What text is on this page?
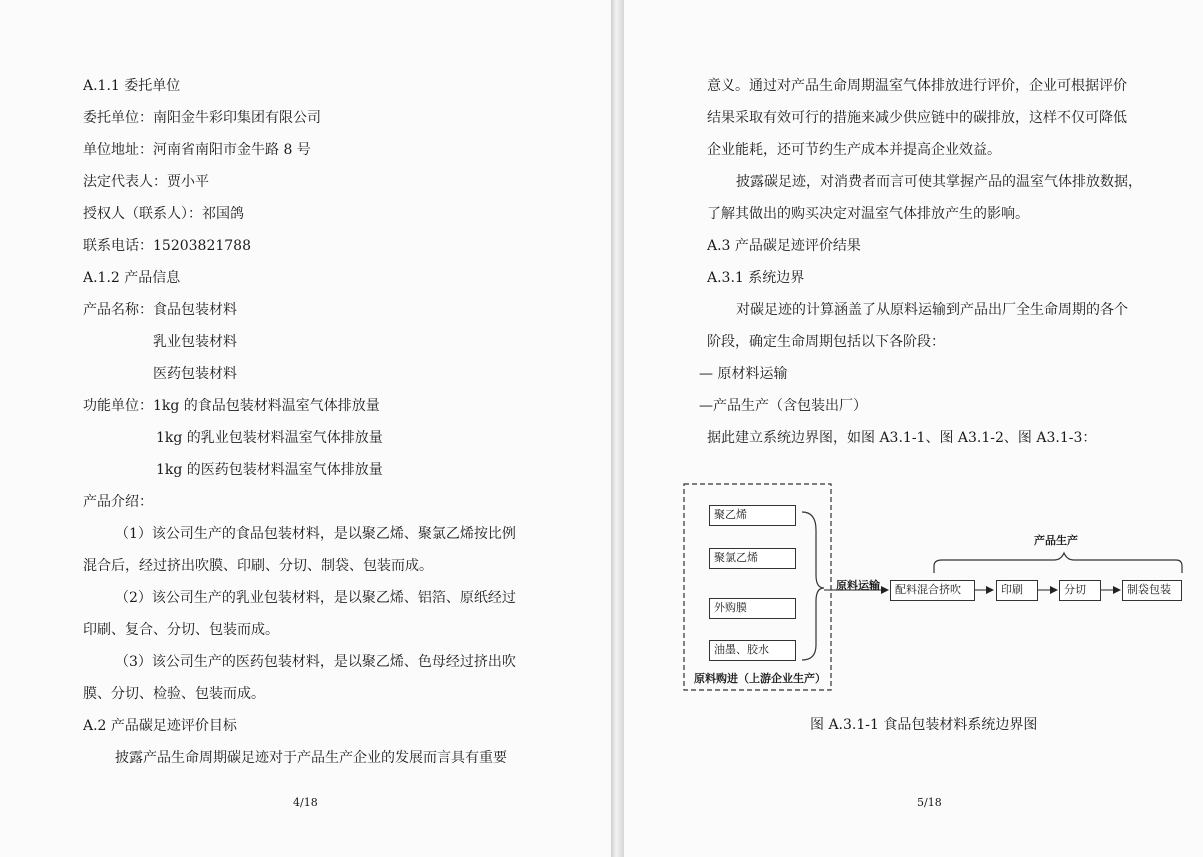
A.1.1 委托单位
委托单位：南阳金牛彩印集团有限公司
单位地址：河南省南阳市金牛路 8 号
法定代表人：贾小平
授权人（联系人）：祁国鸽
联系电话：15203821788
A.1.2 产品信息
产品名称：食品包装材料
乳业包装材料
医药包装材料
功能单位：1kg 的食品包装材料温室气体排放量
1kg 的乳业包装材料温室气体排放量
1kg 的医药包装材料温室气体排放量
产品介绍：
（1）该公司生产的食品包装材料，是以聚乙烯、聚氯乙烯按比例
混合后，经过挤出吹膜、印刷、分切、制袋、包装而成。
（2）该公司生产的乳业包装材料，是以聚乙烯、铝箔、原纸经过
印刷、复合、分切、包装而成。
（3）该公司生产的医药包装材料，是以聚乙烯、色母经过挤出吹
膜、分切、检验、包装而成。
A.2 产品碳足迹评价目标
披露产品生命周期碳足迹对于产品生产企业的发展而言具有重要
4/18
意义。通过对产品生命周期温室气体排放进行评价，企业可根据评价
结果采取有效可行的措施来减少供应链中的碳排放，这样不仅可降低
企业能耗，还可节约生产成本并提高企业效益。
披露碳足迹，对消费者而言可使其掌握产品的温室气体排放数据，
了解其做出的购买决定对温室气体排放产生的影响。
A.3 产品碳足迹评价结果
A.3.1 系统边界
对碳足迹的计算涵盖了从原料运输到产品出厂全生命周期的各个
阶段，确定生命周期包括以下各阶段：
— 原材料运输
—产品生产（含包装出厂）
据此建立系统边界图，如图 A3.1-1、图 A3.1-2、图 A3.1-3：
聚乙烯
聚氯乙烯
外购膜
油墨、胶水
原料购进（上游企业生产）
原料运输
产品生产
配料混合挤吹	印刷	分切	制袋包装
图 A.3.1-1 食品包装材料系统边界图
5/18
